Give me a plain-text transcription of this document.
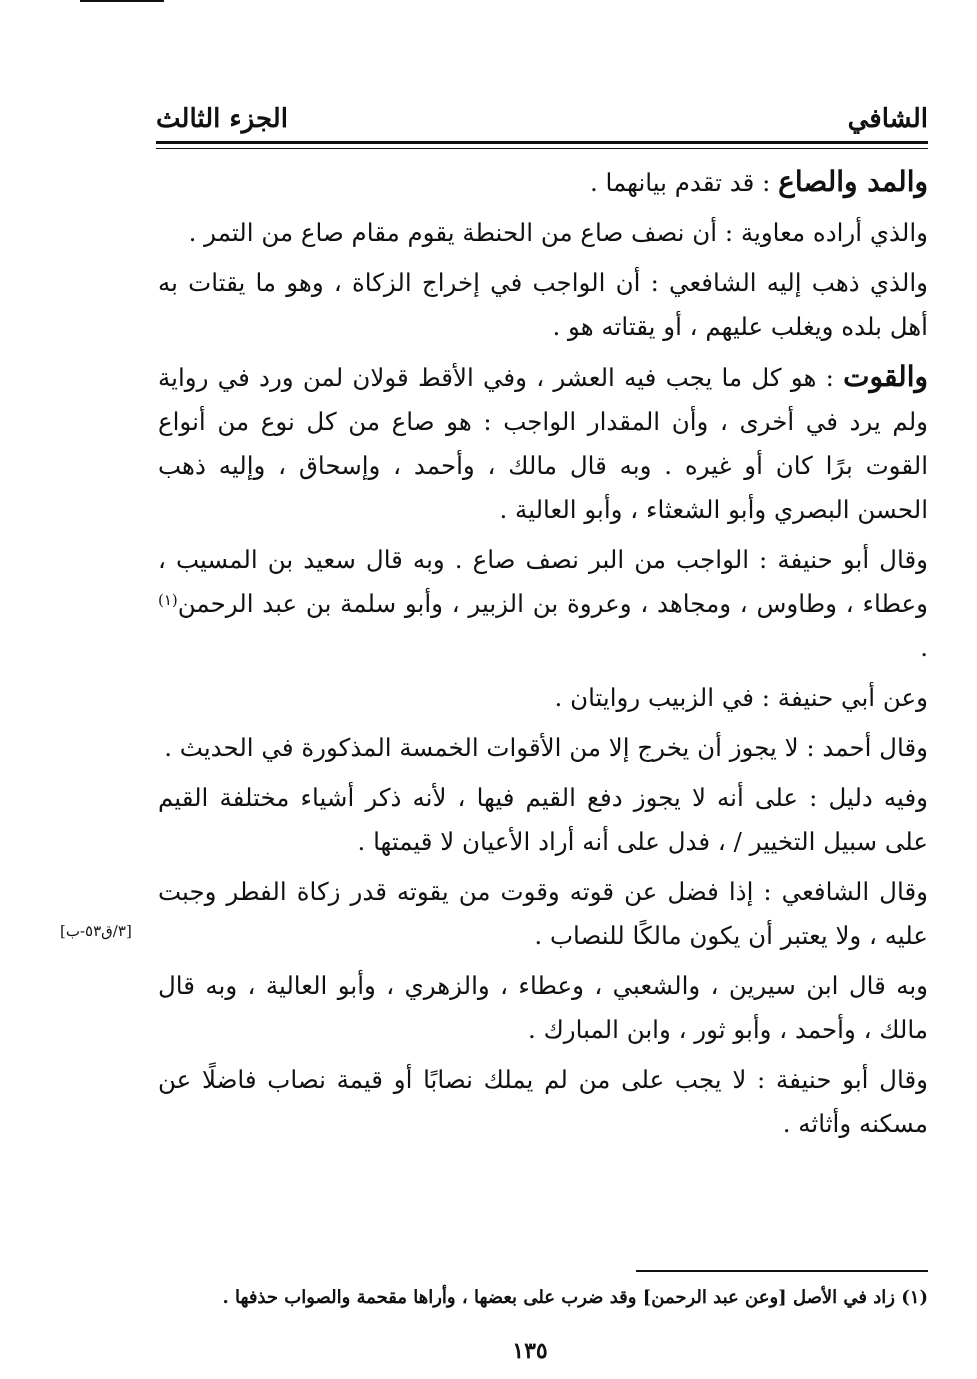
الشافي
الجزء الثالث

والمد والصاع : قد تقدم بيانهما .

والذي أراده معاوية : أن نصف صاع من الحنطة يقوم مقام صاع من التمر .

والذي ذهب إليه الشافعي : أن الواجب في إخراج الزكاة ، وهو ما يقتات به أهل بلده ويغلب عليهم ، أو يقتاته هو .

والقوت : هو كل ما يجب فيه العشر ، وفي الأقط قولان لمن ورد في رواية ولم يرد في أخرى ، وأن المقدار الواجب : هو صاع من كل نوع من أنواع القوت برًا كان أو غيره . وبه قال مالك ، وأحمد ، وإسحاق ، وإليه ذهب الحسن البصري وأبو الشعثاء ، وأبو العالية .

وقال أبو حنيفة : الواجب من البر نصف صاع . وبه قال سعيد بن المسيب ، وعطاء ، وطاوس ، ومجاهد ، وعروة بن الزبير ، وأبو سلمة بن عبد الرحمن$^{(١)}$ .

وعن أبي حنيفة : في الزبيب روايتان .

وقال أحمد : لا يجوز أن يخرج إلا من الأقوات الخمسة المذكورة في الحديث .

وفيه دليل : على أنه لا يجوز دفع القيم فيها ، لأنه ذكر أشياء مختلفة القيم على سبيل التخيير / ، فدل على أنه أراد الأعيان لا قيمتها .

وقال الشافعي : إذا فضل عن قوته وقوت من يقوته قدر زكاة الفطر وجبت عليه ، ولا يعتبر أن يكون مالكًا للنصاب .

وبه قال ابن سيرين ، والشعبي ، وعطاء ، والزهري ، وأبو العالية ، وبه قال مالك ، وأحمد ، وأبو ثور ، وابن المبارك .

وقال أبو حنيفة : لا يجب على من لم يملك نصابًا أو قيمة نصاب فاضلًا عن مسكنه وأثاثه .

[٣/ق٥٣-ب]
(١) زاد في الأصل [وعن عبد الرحمن] وقد ضرب على بعضها ، وأراها مقحمة والصواب حذفها .
١٣٥
